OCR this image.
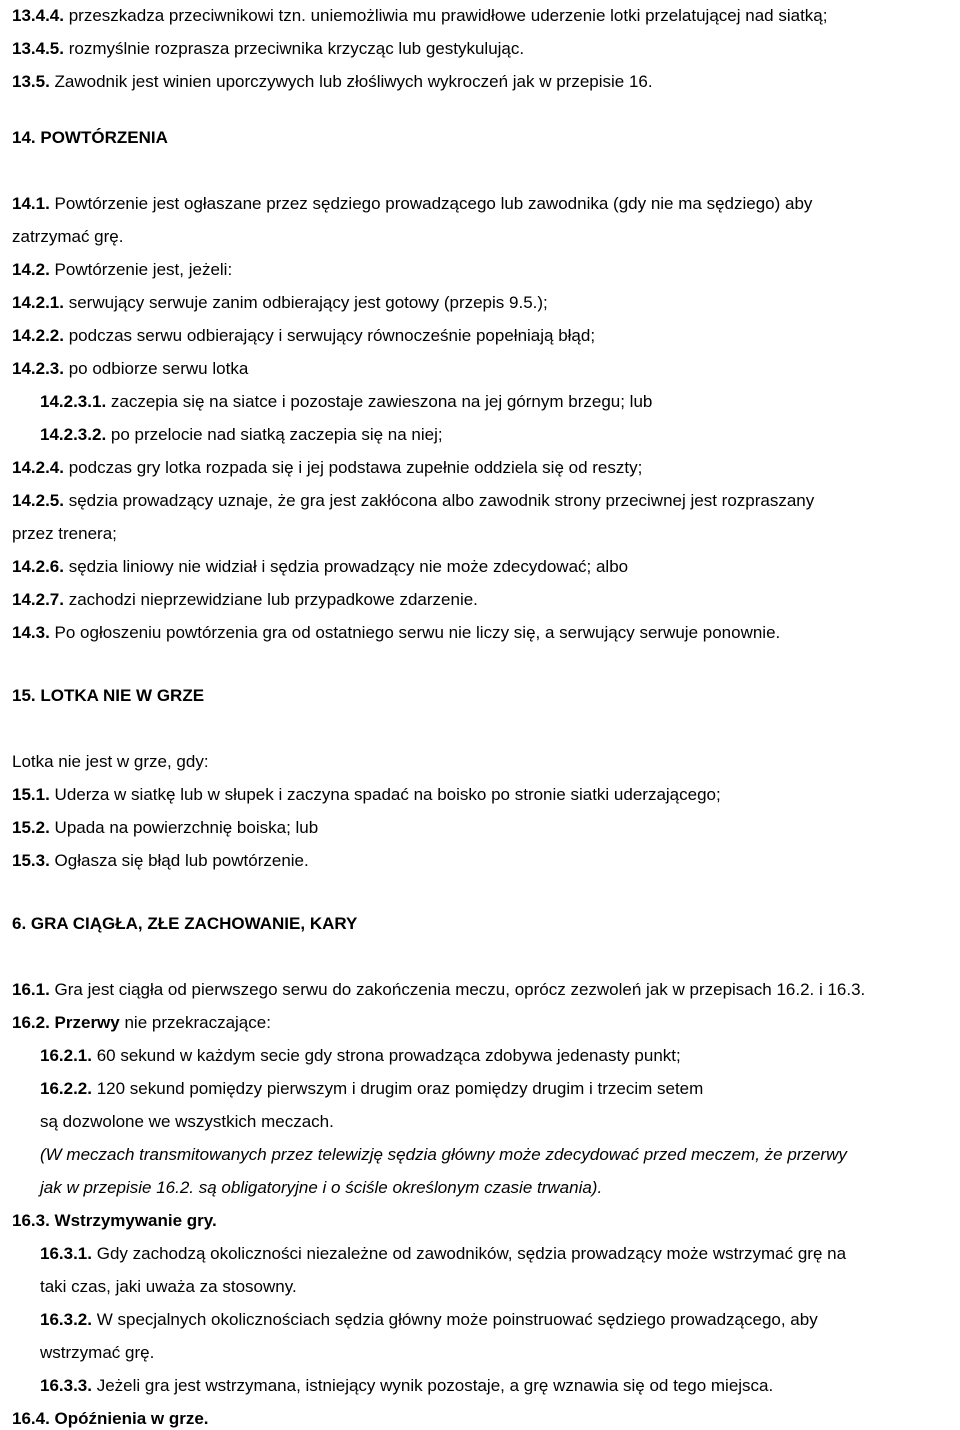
13.4.4. przeszkadza przeciwnikowi tzn. uniemożliwia mu prawidłowe uderzenie lotki przelatującej nad siatką;
13.4.5. rozmyślnie rozprasza przeciwnika krzycząc lub gestykulując.
13.5. Zawodnik jest winien uporczywych lub złośliwych wykroczeń jak w przepisie 16.
14. POWTÓRZENIA
14.1. Powtórzenie jest ogłaszane przez sędziego prowadzącego lub zawodnika (gdy nie ma sędziego) aby
zatrzymać grę.
14.2. Powtórzenie jest, jeżeli:
14.2.1. serwujący serwuje zanim odbierający jest gotowy (przepis 9.5.);
14.2.2. podczas serwu odbierający i serwujący równocześnie popełniają błąd;
14.2.3. po odbiorze serwu lotka
14.2.3.1. zaczepia się na siatce i pozostaje zawieszona na jej górnym brzegu; lub
14.2.3.2. po przelocie nad siatką zaczepia się na niej;
14.2.4. podczas gry lotka rozpada się i jej podstawa zupełnie oddziela się od reszty;
14.2.5. sędzia prowadzący uznaje, że gra jest zakłócona albo zawodnik strony przeciwnej jest rozpraszany
przez trenera;
14.2.6. sędzia liniowy nie widział i sędzia prowadzący nie może zdecydować; albo
14.2.7. zachodzi nieprzewidziane lub przypadkowe zdarzenie.
14.3. Po ogłoszeniu powtórzenia gra od ostatniego serwu nie liczy się, a serwujący serwuje ponownie.
15. LOTKA NIE W GRZE
Lotka nie jest w grze, gdy:
15.1. Uderza w siatkę lub w słupek i zaczyna spadać na boisko po stronie siatki uderzającego;
15.2. Upada na powierzchnię boiska; lub
15.3. Ogłasza się błąd lub powtórzenie.
6. GRA CIĄGŁA, ZŁE ZACHOWANIE, KARY
16.1. Gra jest ciągła od pierwszego serwu do zakończenia meczu, oprócz zezwoleń jak w przepisach 16.2. i 16.3.
16.2. Przerwy nie przekraczające:
16.2.1. 60 sekund w każdym secie gdy strona prowadząca zdobywa jedenasty punkt;
16.2.2. 120 sekund pomiędzy pierwszym i drugim oraz pomiędzy drugim i trzecim setem
są dozwolone we wszystkich meczach.
(W meczach transmitowanych przez telewizję sędzia główny może zdecydować przed meczem, że przerwy
jak w przepisie 16.2. są obligatoryjne i o ściśle określonym czasie trwania).
16.3. Wstrzymywanie gry.
16.3.1. Gdy zachodzą okoliczności niezależne od zawodników, sędzia prowadzący może wstrzymać grę na
taki czas, jaki uważa za stosowny.
16.3.2. W specjalnych okolicznościach sędzia główny może poinstruować sędziego prowadzącego, aby
wstrzymać grę.
16.3.3. Jeżeli gra jest wstrzymana, istniejący wynik pozostaje, a grę wznawia się od tego miejsca.
16.4. Opóźnienia w grze.
